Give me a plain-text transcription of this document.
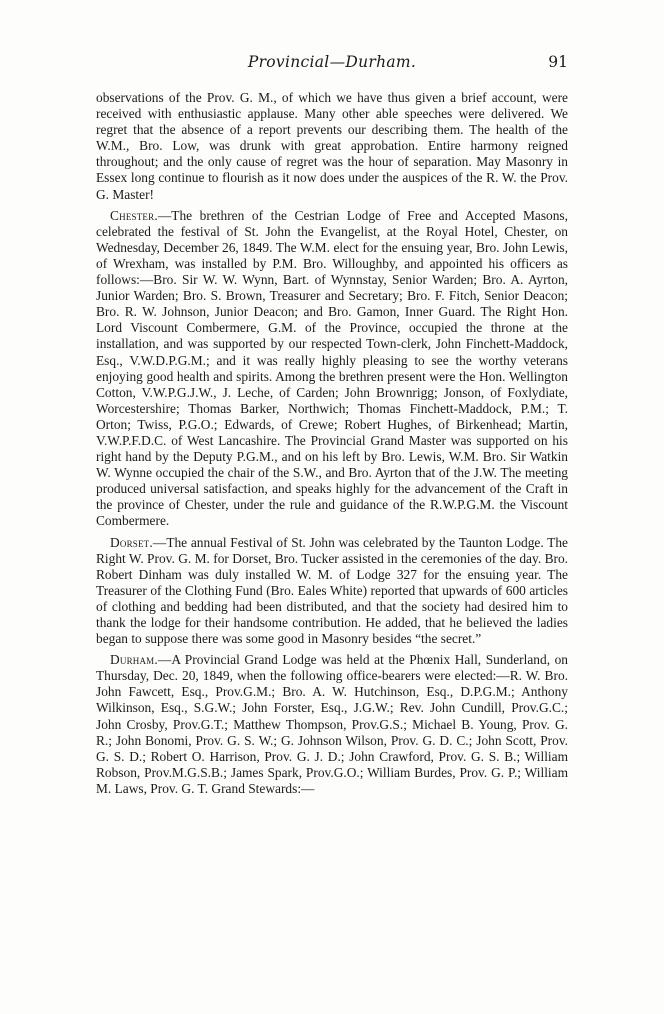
Provincial—Durham.	91

observations of the Prov. G. M., of which we have thus given a brief account, were received with enthusiastic applause. Many other able speeches were delivered. We regret that the absence of a report prevents our describing them. The health of the W.M., Bro. Low, was drunk with great approbation. Entire harmony reigned throughout; and the only cause of regret was the hour of separation. May Masonry in Essex long continue to flourish as it now does under the auspices of the R. W. the Prov. G. Master!

Chester.—The brethren of the Cestrian Lodge of Free and Accepted Masons, celebrated the festival of St. John the Evangelist, at the Royal Hotel, Chester, on Wednesday, December 26, 1849. The W.M. elect for the ensuing year, Bro. John Lewis, of Wrexham, was installed by P.M. Bro. Willoughby, and appointed his officers as follows:—Bro. Sir W. W. Wynn, Bart. of Wynnstay, Senior Warden; Bro. A. Ayrton, Junior Warden; Bro. S. Brown, Treasurer and Secretary; Bro. F. Fitch, Senior Deacon; Bro. R. W. Johnson, Junior Deacon; and Bro. Gamon, Inner Guard. The Right Hon. Lord Viscount Combermere, G.M. of the Province, occupied the throne at the installation, and was supported by our respected Town-clerk, John Finchett-Maddock, Esq., V.W.D.P.G.M.; and it was really highly pleasing to see the worthy veterans enjoying good health and spirits. Among the brethren present were the Hon. Wellington Cotton, V.W.P.G.J.W., J. Leche, of Carden; John Brownrigg; Jonson, of Foxlydiate, Worcestershire; Thomas Barker, Northwich; Thomas Finchett-Maddock, P.M.; T. Orton; Twiss, P.G.O.; Edwards, of Crewe; Robert Hughes, of Birkenhead; Martin, V.W.P.F.D.C. of West Lancashire. The Provincial Grand Master was supported on his right hand by the Deputy P.G.M., and on his left by Bro. Lewis, W.M. Bro. Sir Watkin W. Wynne occupied the chair of the S.W., and Bro. Ayrton that of the J.W. The meeting produced universal satisfaction, and speaks highly for the advancement of the Craft in the province of Chester, under the rule and guidance of the R.W.P.G.M. the Viscount Combermere.

Dorset.—The annual Festival of St. John was celebrated by the Taunton Lodge. The Right W. Prov. G. M. for Dorset, Bro. Tucker assisted in the ceremonies of the day. Bro. Robert Dinham was duly installed W. M. of Lodge 327 for the ensuing year. The Treasurer of the Clothing Fund (Bro. Eales White) reported that upwards of 600 articles of clothing and bedding had been distributed, and that the society had desired him to thank the lodge for their handsome contribution. He added, that he believed the ladies began to suppose there was some good in Masonry besides “the secret.”

Durham.—A Provincial Grand Lodge was held at the Phœnix Hall, Sunderland, on Thursday, Dec. 20, 1849, when the following office-bearers were elected:—R. W. Bro. John Fawcett, Esq., Prov.G.M.; Bro. A. W. Hutchinson, Esq., D.P.G.M.; Anthony Wilkinson, Esq., S.G.W.; John Forster, Esq., J.G.W.; Rev. John Cundill, Prov.G.C.; John Crosby, Prov.G.T.; Matthew Thompson, Prov.G.S.; Michael B. Young, Prov. G. R.; John Bonomi, Prov. G. S. W.; G. Johnson Wilson, Prov. G. D. C.; John Scott, Prov. G. S. D.; Robert O. Harrison, Prov. G. J. D.; John Crawford, Prov. G. S. B.; William Robson, Prov.M.G.S.B.; James Spark, Prov.G.O.; William Burdes, Prov. G. P.; William M. Laws, Prov. G. T. Grand Stewards:—
